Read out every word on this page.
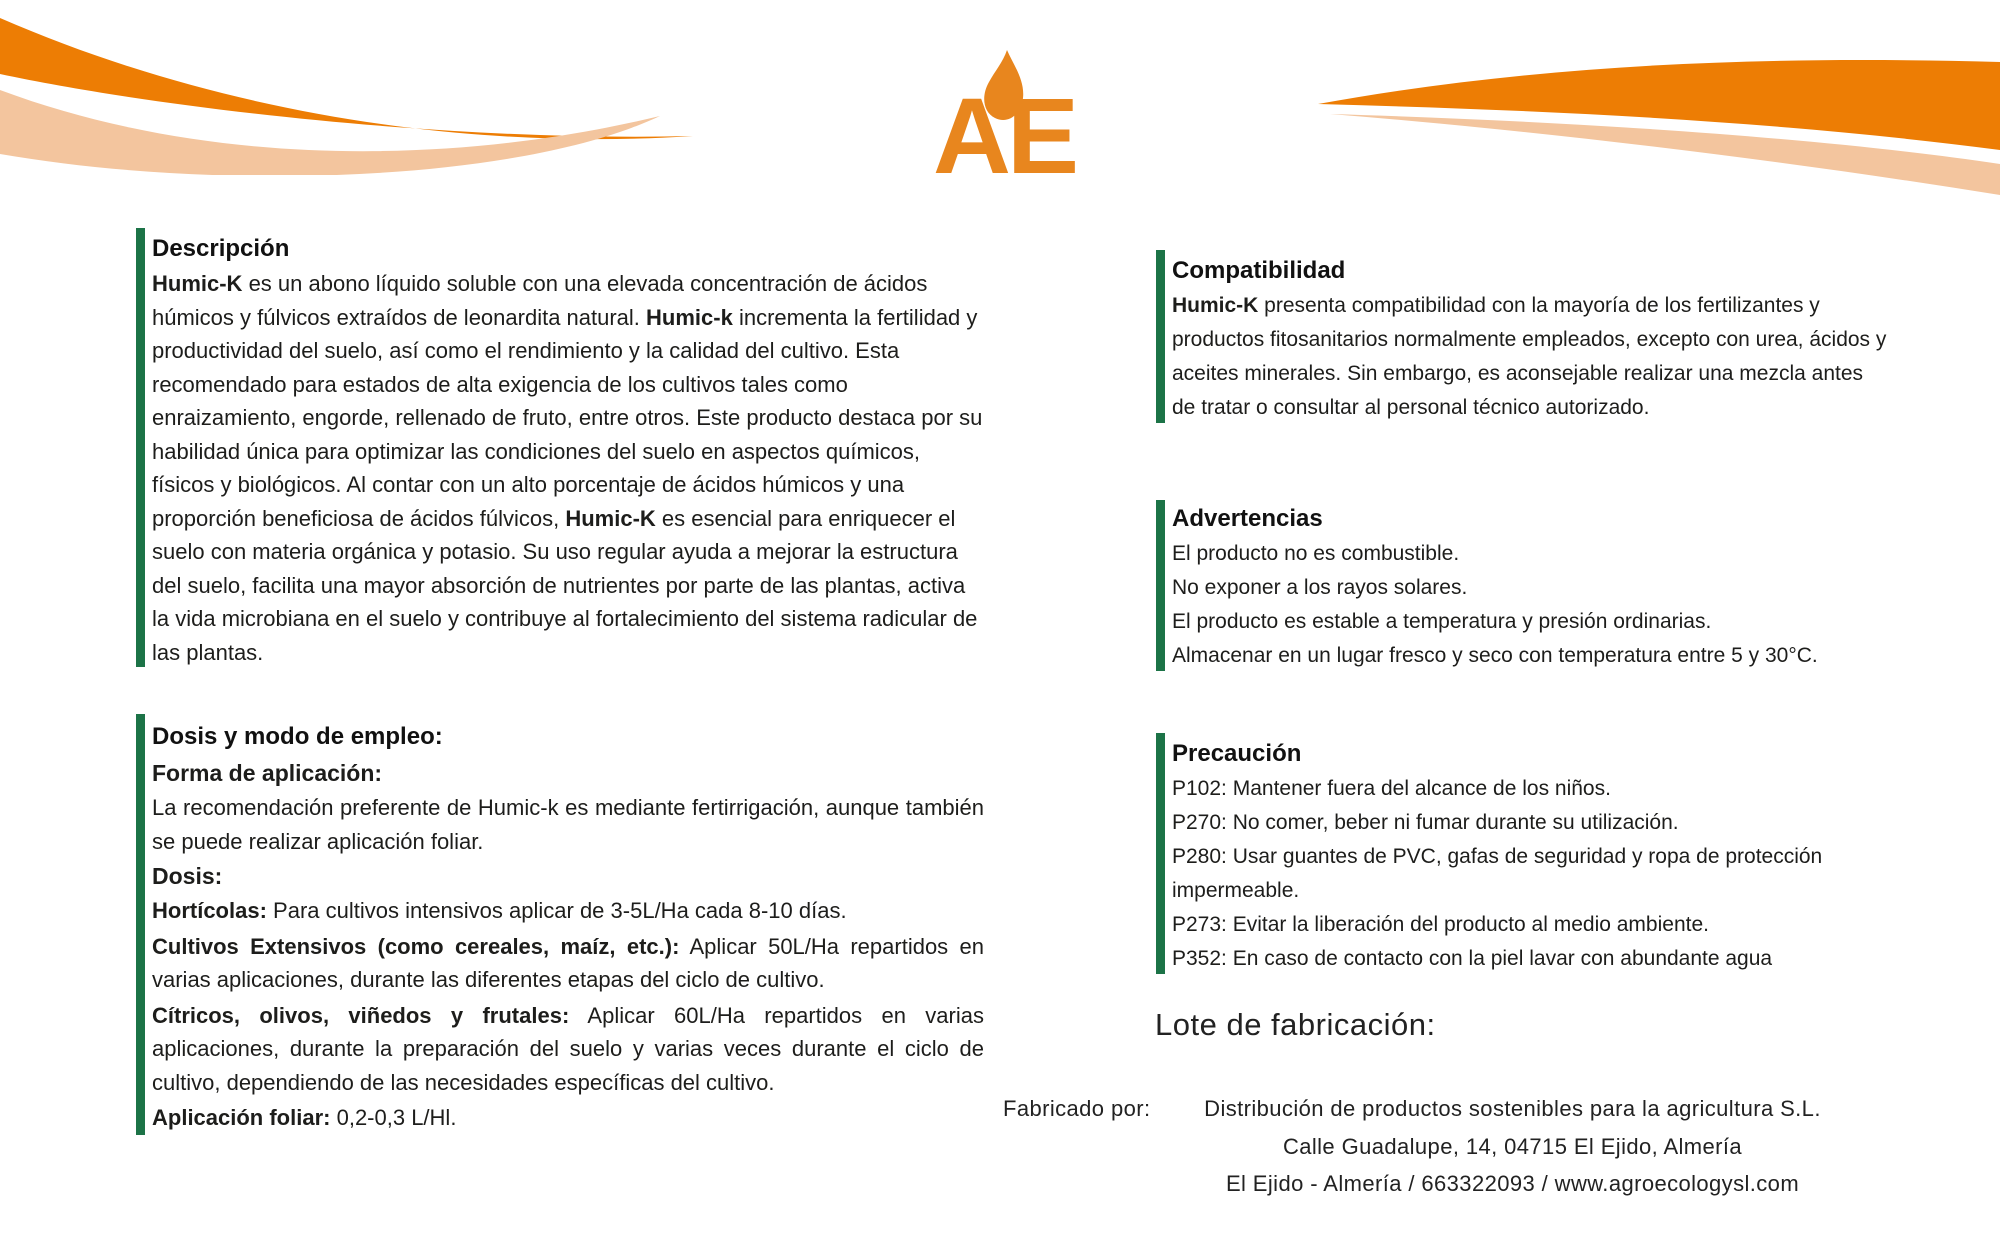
AE
Descripción

Humic-K es un abono líquido soluble con una elevada concentración de ácidos húmicos y fúlvicos extraídos de leonardita natural. Humic-k incrementa la fertilidad y productividad del suelo, así como el rendimiento y la calidad del cultivo. Esta recomendado para estados de alta exigencia de los cultivos tales como enraizamiento, engorde, rellenado de fruto, entre otros. Este producto destaca por su habilidad única para optimizar las condiciones del suelo en aspectos químicos, físicos y biológicos. Al contar con un alto porcentaje de ácidos húmicos y una proporción beneficiosa de ácidos fúlvicos, Humic-K es esencial para enriquecer el suelo con materia orgánica y potasio. Su uso regular ayuda a mejorar la estructura del suelo, facilita una mayor absorción de nutrientes por parte de las plantas, activa la vida microbiana en el suelo y contribuye al fortalecimiento del sistema radicular de las plantas.

Dosis y modo de empleo:

Forma de aplicación:

La recomendación preferente de Humic-k es mediante fertirrigación, aunque también se puede realizar aplicación foliar.

Dosis:

Hortícolas: Para cultivos intensivos aplicar de 3-5L/Ha cada 8-10 días.

Cultivos Extensivos (como cereales, maíz, etc.): Aplicar 50L/Ha repartidos en varias aplicaciones, durante las diferentes etapas del ciclo de cultivo.

Cítricos, olivos, viñedos y frutales: Aplicar 60L/Ha repartidos en varias aplicaciones, durante la preparación del suelo y varias veces durante el ciclo de cultivo, dependiendo de las necesidades específicas del cultivo.

Aplicación foliar: 0,2-0,3 L/Hl.

Compatibilidad

Humic-K presenta compatibilidad con la mayoría de los fertilizantes y productos fitosanitarios normalmente empleados, excepto con urea, ácidos y aceites minerales. Sin embargo, es aconsejable realizar una mezcla antes de tratar o consultar al personal técnico autorizado.

Advertencias
El producto no es combustible.
No exponer a los rayos solares.
El producto es estable a temperatura y presión ordinarias.
Almacenar en un lugar fresco y seco con temperatura entre 5 y 30°C.
Precaución
P102: Mantener fuera del alcance de los niños.
P270: No comer, beber ni fumar durante su utilización.
P280: Usar guantes de PVC, gafas de seguridad y ropa de protección impermeable.
P273: Evitar la liberación del producto al medio ambiente.
P352: En caso de contacto con la piel lavar con abundante agua
Lote de fabricación:
Fabricado por:	Distribución de productos sostenibles para la agricultura S.L.
Calle Guadalupe, 14, 04715 El Ejido, Almería
El Ejido - Almería / 663322093 / www.agroecologysl.com
